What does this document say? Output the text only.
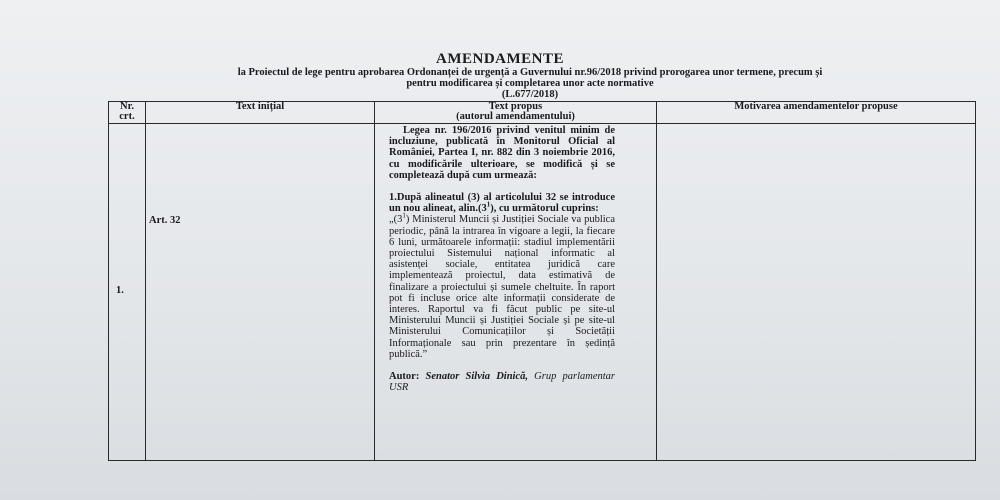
AMENDAMENTE
la Proiectul de lege pentru aprobarea Ordonanței de urgență a Guvernului nr.96/2018 privind prorogarea unor termene, precum și
pentru modificarea și completarea unor acte normative
(L.677/2018)
Nr.
crt.
Text inițial	Text propus
(autorul amendamentului)
Motivarea amendamentelor propuse
1.
Art. 32

Legea nr. 196/2016 privind venitul minim de incluziune, publicată în Monitorul Oficial al României, Partea I, nr. 882 din 3 noiembrie 2016, cu modificările ulterioare, se modifică și se completează după cum urmează:

1.După alineatul (3) al articolului 32 se introduce un nou alineat, $alin.(3^1)$, cu următorul cuprins:

$„(3^1)$ Ministerul Muncii și Justiției Sociale va publica periodic, până la intrarea în vigoare a legii, la fiecare 6 luni, următoarele informații: stadiul implementării proiectului Sistemului național informatic al asistenței sociale, entitatea juridică care implementează proiectul, data estimativă de finalizare a proiectului și sumele cheltuite. În raport pot fi incluse orice alte informații considerate de interes. Raportul va fi făcut public pe site-ul Ministerului Muncii și Justiției Sociale și pe site-ul Ministerului Comunicațiilor și Societății Informaționale sau prin prezentare în ședință publică.”

Autor: Senator Silvia Dinică, Grup parlamentar USR
